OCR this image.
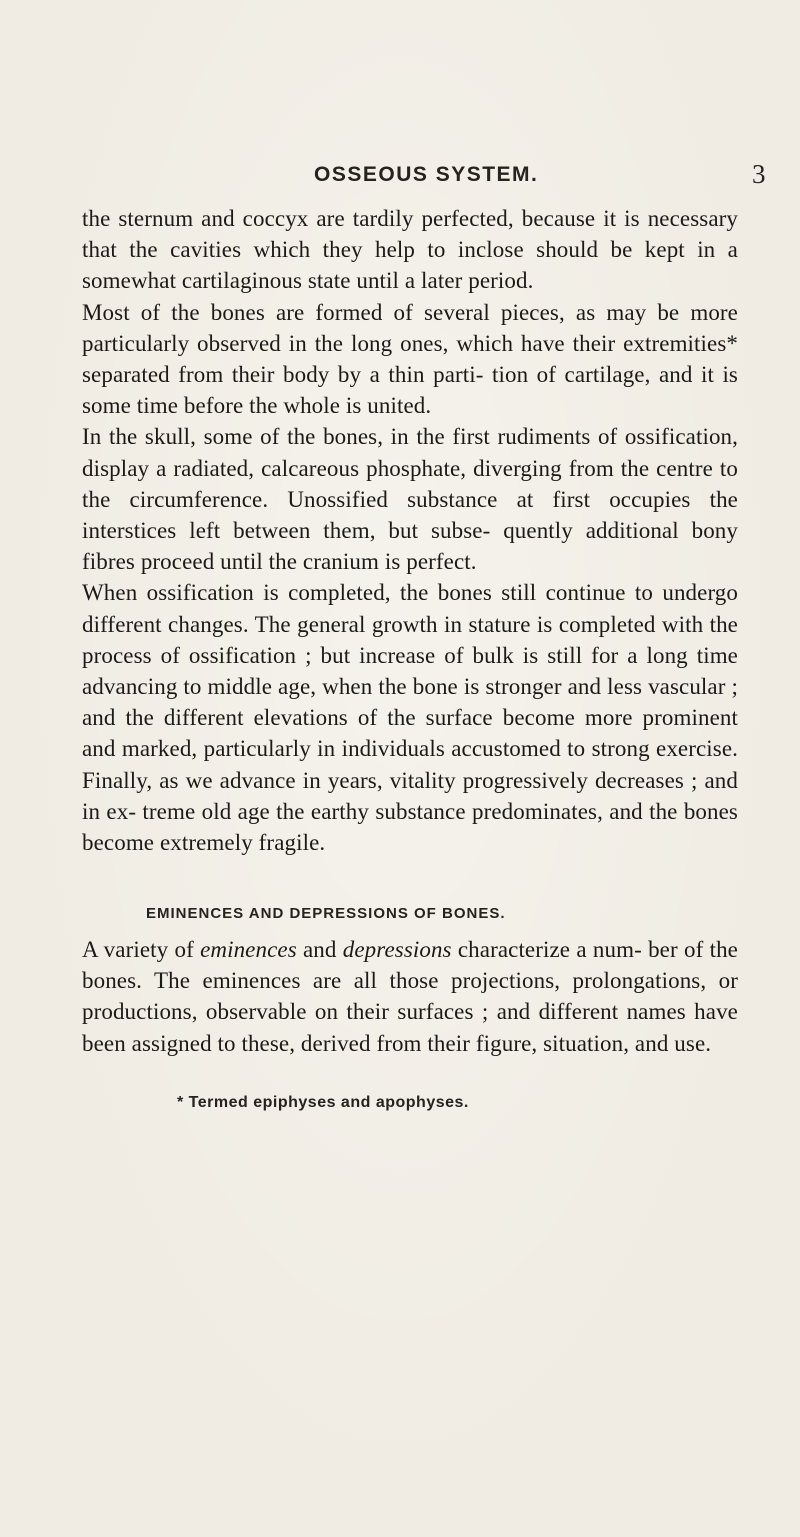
OSSEOUS SYSTEM.	3

the sternum and coccyx are tardily perfected, because it is necessary that the cavities which they help to inclose should be kept in a somewhat cartilaginous state until a later period.

Most of the bones are formed of several pieces, as may be more particularly observed in the long ones, which have their extremities* separated from their body by a thin parti- tion of cartilage, and it is some time before the whole is united.

In the skull, some of the bones, in the first rudiments of ossification, display a radiated, calcareous phosphate, diverging from the centre to the circumference. Unossified substance at first occupies the interstices left between them, but subse- quently additional bony fibres proceed until the cranium is perfect.

When ossification is completed, the bones still continue to undergo different changes. The general growth in stature is completed with the process of ossification ; but increase of bulk is still for a long time advancing to middle age, when the bone is stronger and less vascular ; and the different elevations of the surface become more prominent and marked, particularly in individuals accustomed to strong exercise. Finally, as we advance in years, vitality progressively decreases ; and in ex- treme old age the earthy substance predominates, and the bones become extremely fragile.

EMINENCES AND DEPRESSIONS OF BONES.

A variety of eminences and depressions characterize a num- ber of the bones. The eminences are all those projections, prolongations, or productions, observable on their surfaces ; and different names have been assigned to these, derived from their figure, situation, and use.

* Termed epiphyses and apophyses.
